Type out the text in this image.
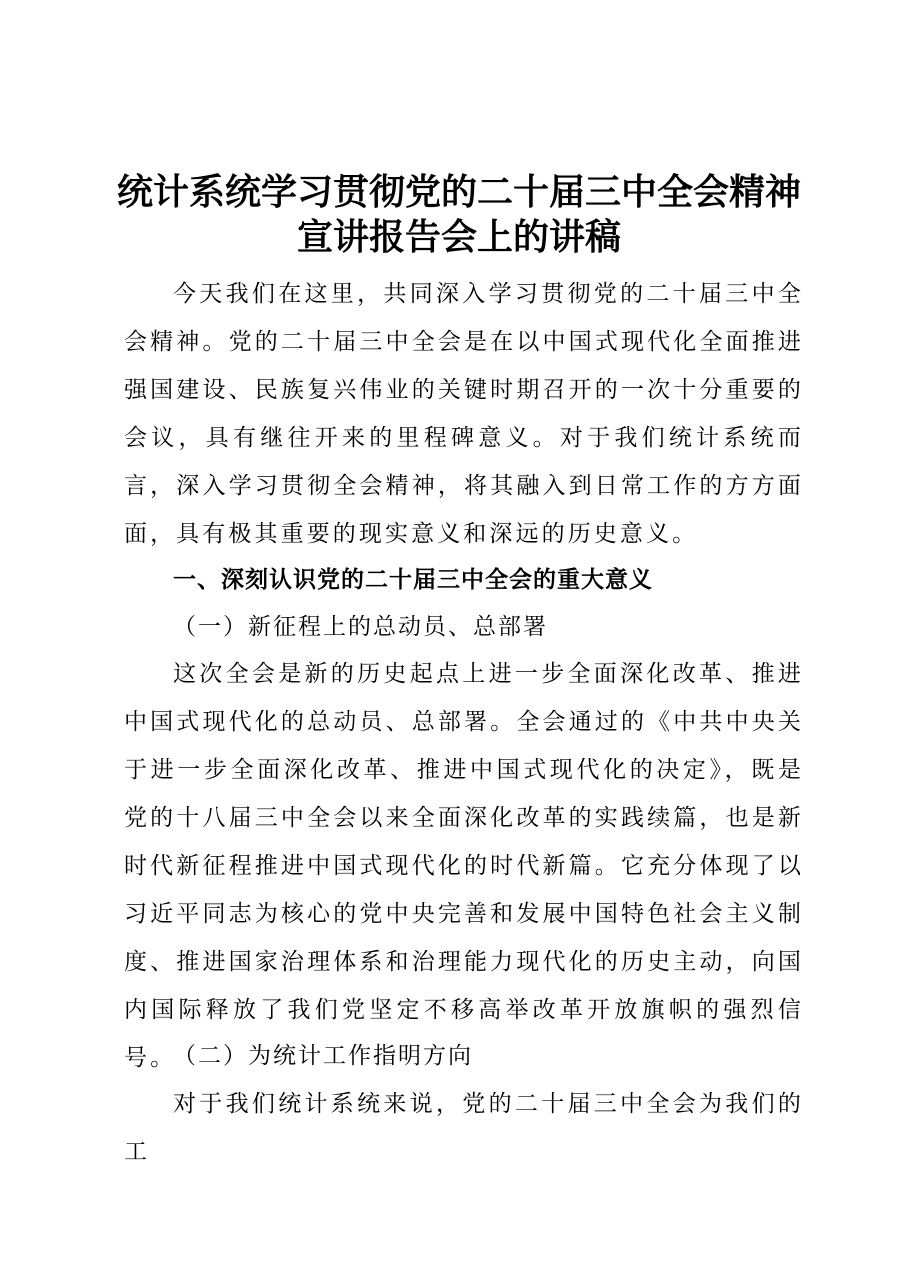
统计系统学习贯彻党的二十届三中全会精神宣讲报告会上的讲稿

今天我们在这里，共同深入学习贯彻党的二十届三中全会精神。党的二十届三中全会是在以中国式现代化全面推进强国建设、民族复兴伟业的关键时期召开的一次十分重要的会议，具有继往开来的里程碑意义。对于我们统计系统而言，深入学习贯彻全会精神，将其融入到日常工作的方方面面，具有极其重要的现实意义和深远的历史意义。

一、深刻认识党的二十届三中全会的重大意义

（一）新征程上的总动员、总部署

这次全会是新的历史起点上进一步全面深化改革、推进中国式现代化的总动员、总部署。全会通过的《中共中央关于进一步全面深化改革、推进中国式现代化的决定》，既是党的十八届三中全会以来全面深化改革的实践续篇，也是新时代新征程推进中国式现代化的时代新篇。它充分体现了以习近平同志为核心的党中央完善和发展中国特色社会主义制度、推进国家治理体系和治理能力现代化的历史主动，向国内国际释放了我们党坚定不移高举改革开放旗帜的强烈信号。

（二）为统计工作指明方向

对于我们统计系统来说，党的二十届三中全会为我们的工
